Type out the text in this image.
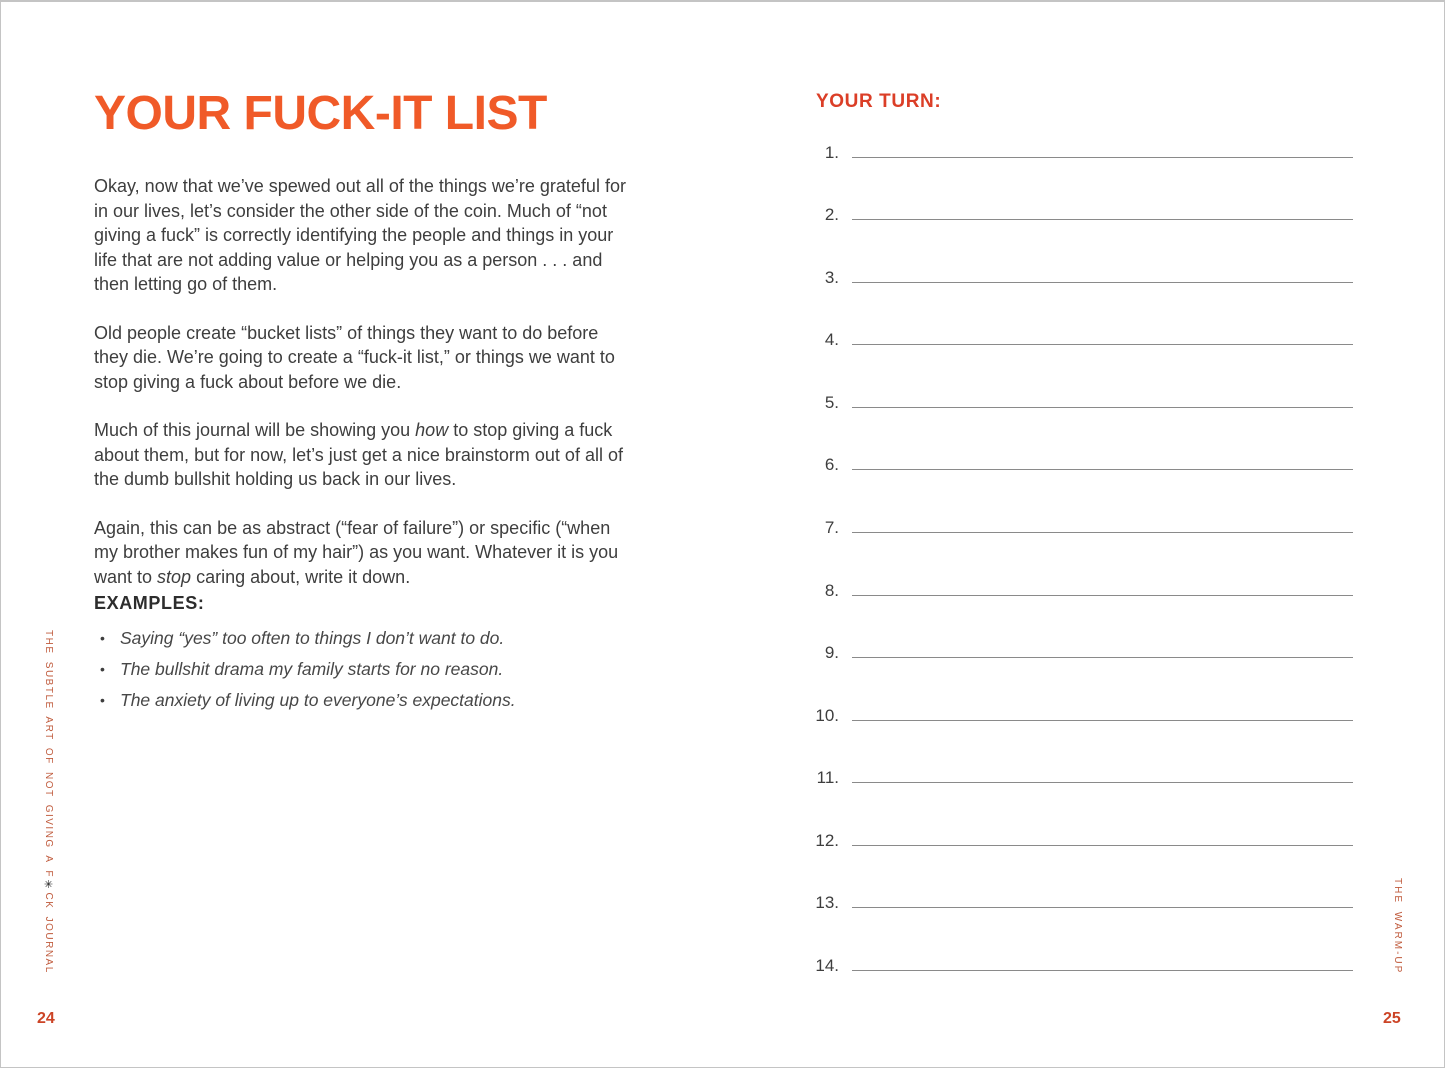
YOUR FUCK-IT LIST

Okay, now that we’ve spewed out all of the things we’re grateful for in our lives, let’s consider the other side of the coin. Much of “not giving a fuck” is correctly identifying the people and things in your life that are not adding value or helping you as a person . . . and then letting go of them.

Old people create “bucket lists” of things they want to do before they die. We’re going to create a “fuck-it list,” or things we want to stop giving a fuck about before we die.

Much of this journal will be showing you how to stop giving a fuck about them, but for now, let’s just get a nice brainstorm out of all of the dumb bullshit holding us back in our lives.

Again, this can be as abstract (“fear of failure”) or specific (“when my brother makes fun of my hair”) as you want. Whatever it is you want to stop caring about, write it down.

EXAMPLES:
• Saying “yes” too often to things I don’t want to do.
• The bullshit drama my family starts for no reason.
• The anxiety of living up to everyone’s expectations.
THE SUBTLE ART OF NOT GIVING A F✳CK JOURNAL
24
YOUR TURN:
1.
2.
3.
4.
5.
6.
7.
8.
9.
10.
11.
12.
13.
14.	THE WARM-UP
25
